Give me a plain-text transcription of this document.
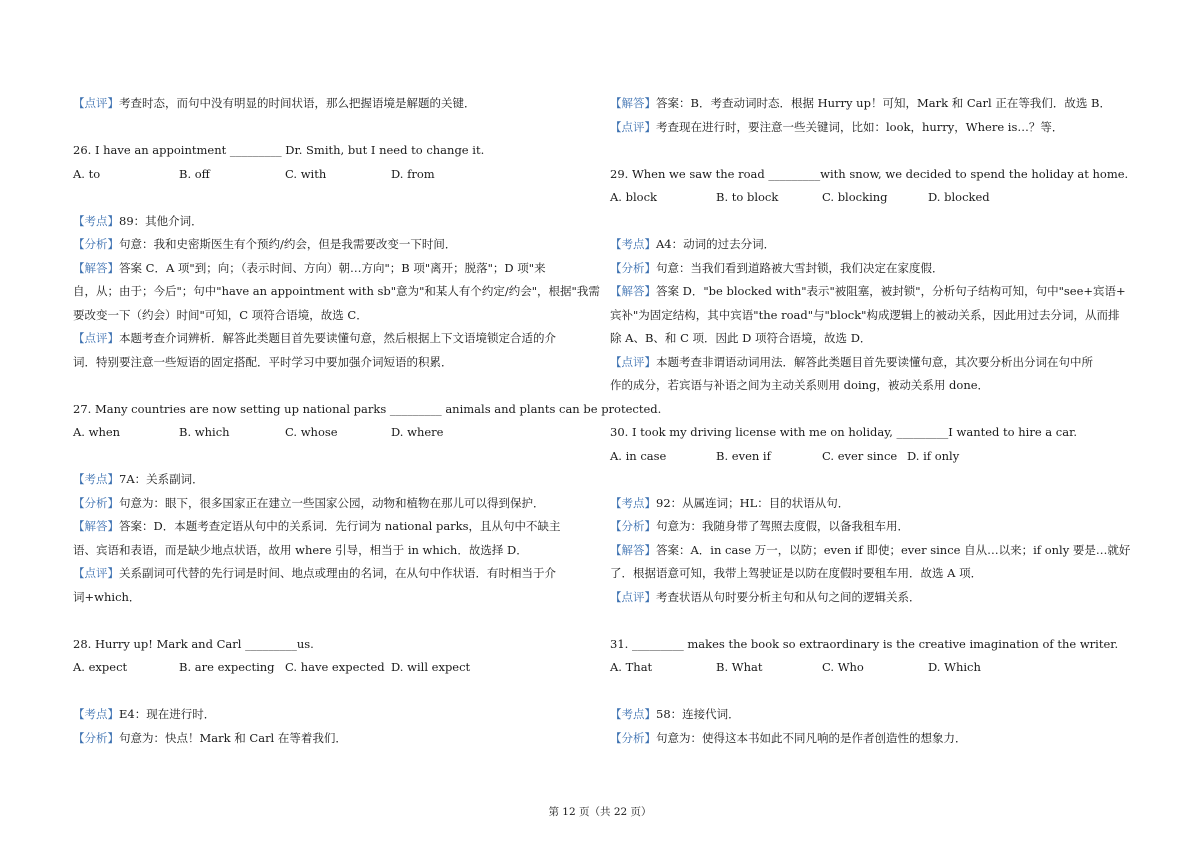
【点评】考查时态，而句中没有明显的时间状语，那么把握语境是解题的关键．
26. I have an appointment _________ Dr. Smith, but I need to change it.
A. to	B. off	C. with	D. from
【考点】89：其他介词．
【分析】句意：我和史密斯医生有个预约/约会，但是我需要改变一下时间．
【解答】答案 C．A 项"到；向；（表示时间、方向）朝…方向"；B 项"离开；脱落"；D 项"来
自，从；由于；今后"；句中"have an appointment with sb"意为"和某人有个约定/约会"，根据"我需
要改变一下（约会）时间"可知，C 项符合语境，故选 C．
【点评】本题考查介词辨析．解答此类题目首先要读懂句意，然后根据上下文语境锁定合适的介
词．特别要注意一些短语的固定搭配．平时学习中要加强介词短语的积累．
27. Many countries are now setting up national parks _________ animals and plants can be protected.
A. when	B. which	C. whose	D. where
【考点】7A：关系副词．
【分析】句意为：眼下，很多国家正在建立一些国家公园，动物和植物在那儿可以得到保护．
【解答】答案：D．本题考查定语从句中的关系词．先行词为 national parks，且从句中不缺主
语、宾语和表语，而是缺少地点状语，故用 where 引导，相当于 in which．故选择 D．
【点评】关系副词可代替的先行词是时间、地点或理由的名词，在从句中作状语．有时相当于介
词+which．
28. Hurry up! Mark and Carl _________us.
A. expect	B. are expecting C. have expected D. will expect
【考点】E4：现在进行时．
【分析】句意为：快点！Mark 和 Carl 在等着我们．
【解答】答案：B．考查动词时态．根据 Hurry up！可知，Mark 和 Carl 正在等我们．故选 B．
【点评】考查现在进行时，要注意一些关键词，比如：look，hurry，Where is…？等．
29. When we saw the road _________with snow, we decided to spend the holiday at home.
A. block	B. to block	C. blocking	D. blocked
【考点】A4：动词的过去分词．
【分析】句意：当我们看到道路被大雪封锁，我们决定在家度假．
【解答】答案 D．"be blocked with"表示"被阻塞，被封锁"，分析句子结构可知，句中"see+宾语+
宾补"为固定结构，其中宾语"the road"与"block"构成逻辑上的被动关系，因此用过去分词，从而排
除 A、B、和 C 项．因此 D 项符合语境，故选 D．
【点评】本题考查非谓语动词用法．解答此类题目首先要读懂句意，其次要分析出分词在句中所
作的成分，若宾语与补语之间为主动关系则用 doing，被动关系用 done．
30. I took my driving license with me on holiday, _________I wanted to hire a car.
A. in case	B. even if	C. ever since D. if only
【考点】92：从属连词；HL：目的状语从句．
【分析】句意为：我随身带了驾照去度假，以备我租车用．
【解答】答案：A．in case 万一，以防；even if 即使；ever since 自从…以来；if only 要是…就好
了．根据语意可知，我带上驾驶证是以防在度假时要租车用．故选 A 项．
【点评】考查状语从句时要分析主句和从句之间的逻辑关系．
31. _________ makes the book so extraordinary is the creative imagination of the writer.
A. That	B. What	C. Who	D. Which
【考点】58：连接代词．
【分析】句意为：使得这本书如此不同凡响的是作者创造性的想象力．
第 12 页（共 22 页）
